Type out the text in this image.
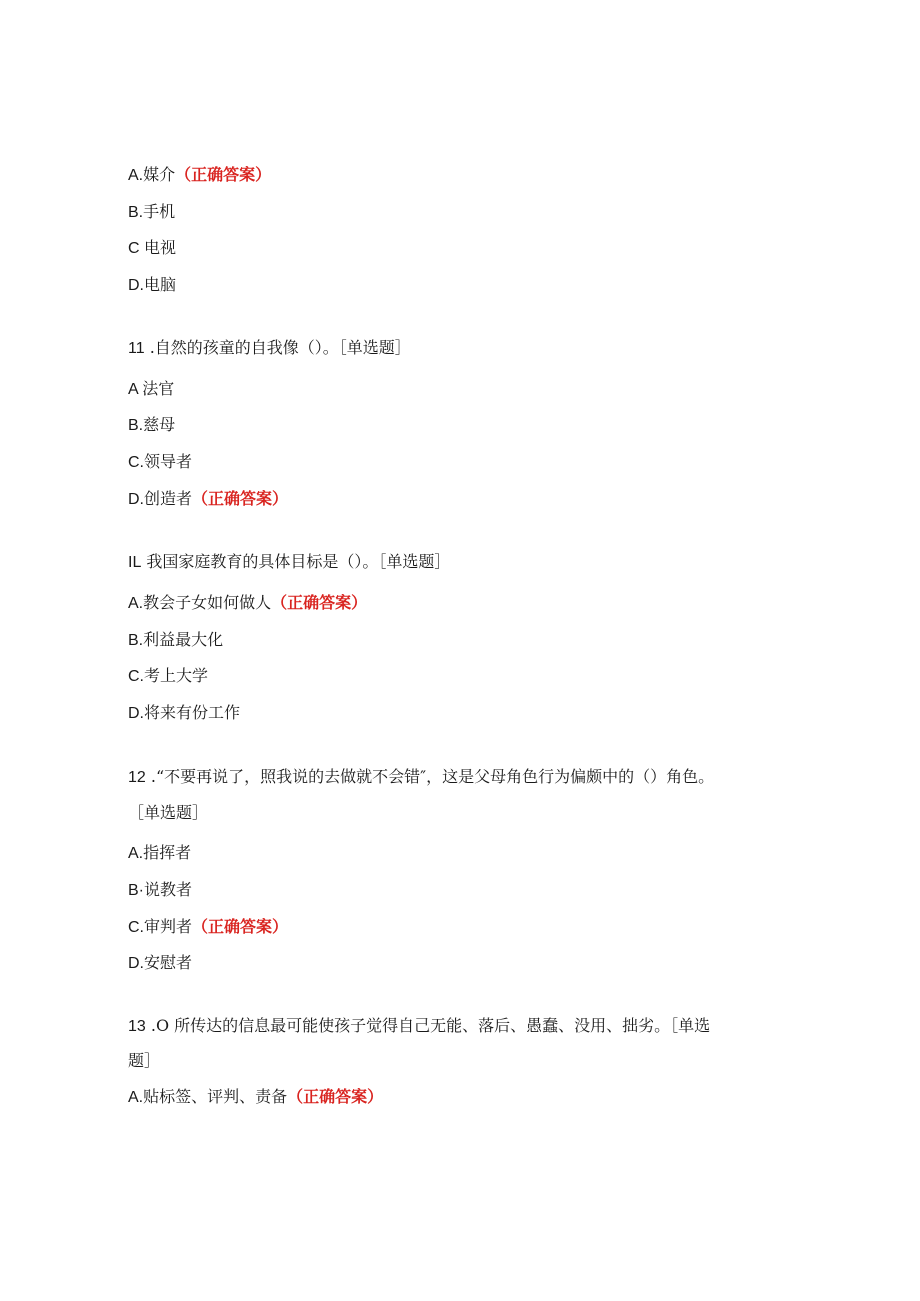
A.媒介（正确答案）
B.手机
C 电视
D.电脑
11 .自然的孩童的自我像（）。［单选题］
A 法官
B.慈母
C.领导者
D.创造者（正确答案）
IL 我国家庭教育的具体目标是（）。［单选题］
A.教会子女如何做人（正确答案）
B.利益最大化
C.考上大学
D.将来有份工作
12 .“不要再说了，照我说的去做就不会错″，这是父母角色行为偏颇中的（）角色。
［单选题］
A.指挥者
B·说教者
C.审判者（正确答案）
D.安慰者
13 .O 所传达的信息最可能使孩子觉得自己无能、落后、愚蠢、没用、拙劣。［单选
题］
A.贴标签、评判、责备（正确答案）
